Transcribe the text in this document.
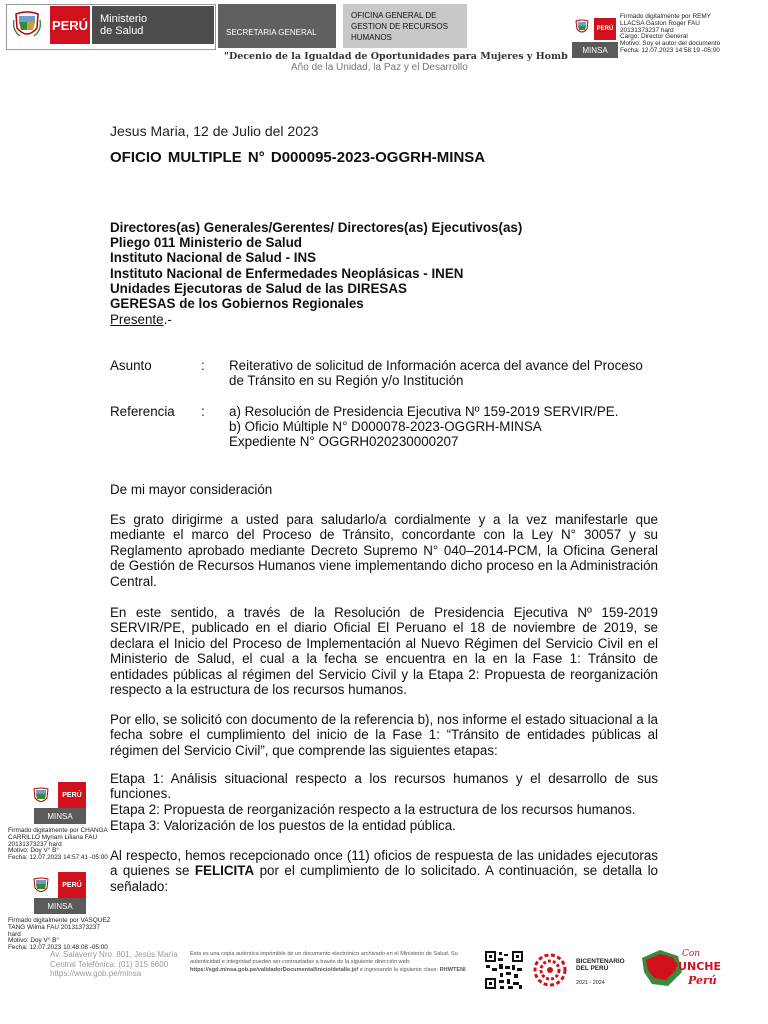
PERÚ Ministerio
de Salud	SECRETARIA GENERAL
OFICINA GENERAL DE
GESTION DE RECURSOS
HUMANOS
"Decenio de la Igualdad de Oportunidades para Mujeres y Homb
Año de la Unidad, la Paz y el Desarrollo
PERÚ
MINSA
Firmado digitalmente por REMY
LLACSA Gaston Roger FAU
20131373237 hard
Cargo: Director General
Motivo: Soy el autor del documento
Fecha: 12.07.2023 14:58:19 -05:00
Jesus Maria, 12 de Julio del 2023
OFICIO MULTIPLE N° D000095-2023-OGGRH-MINSA
Directores(as) Generales/Gerentes/ Directores(as) Ejecutivos(as)
Pliego 011 Ministerio de Salud
Instituto Nacional de Salud - INS
Instituto Nacional de Enfermedades Neoplásicas - INEN
Unidades Ejecutoras de Salud de las DIRESAS
GERESAS de los Gobiernos Regionales
Presente.-
Asunto	: Reiterativo de solicitud de Información acerca del avance del Proceso
de Tránsito en su Región y/o Institución
Referencia : a) Resolución de Presidencia Ejecutiva Nº 159-2019 SERVIR/PE.
b) Oficio Múltiple N° D000078-2023-OGGRH-MINSA
Expediente N° OGGRH020230000207
De mi mayor consideración
Es grato dirigirme a usted para saludarlo/a cordialmente y a la vez manifestarle que mediante el marco del Proceso de Tránsito, concordante con la Ley N° 30057 y su Reglamento aprobado mediante Decreto Supremo N° 040–2014-PCM, la Oficina General de Gestión de Recursos Humanos viene implementando dicho proceso en la Administración Central.
En este sentido, a través de la Resolución de Presidencia Ejecutiva Nº 159-2019 SERVIR/PE, publicado en el diario Oficial El Peruano el 18 de noviembre de 2019, se declara el Inicio del Proceso de Implementación al Nuevo Régimen del Servicio Civil en el Ministerio de Salud, el cual a la fecha se encuentra en la en la Fase 1: Tránsito de entidades públicas al régimen del Servicio Civil y la Etapa 2: Propuesta de reorganización respecto a la estructura de los recursos humanos.
Por ello, se solicitó con documento de la referencia b), nos informe el estado situacional a la fecha sobre el cumplimiento del inicio de la Fase 1: “Tránsito de entidades públicas al régimen del Servicio Civil”, que comprende las siguientes etapas:
Etapa 1: Análisis situacional respecto a los recursos humanos y el desarrollo de sus funciones.
Etapa 2: Propuesta de reorganización respecto a la estructura de los recursos humanos.
Etapa 3: Valorización de los puestos de la entidad pública.
Al respecto, hemos recepcionado once (11) oficios de respuesta de las unidades ejecutoras a quienes se FELICITA por el cumplimiento de lo solicitado. A continuación, se detalla lo señalado:
PERÚ
MINSA
Firmado digitalmente por CHANGA
CARRILLO Myriam Liliana FAU
20131373237 hard
Motivo: Doy V° B°
Fecha: 12.07.2023 14:57:41 -05:00
PERÚ
MINSA
Firmado digitalmente por VASQUEZ
TANG Wilma FAU 20131373237
hard
Motivo: Doy V° B°
Fecha: 12.07.2023 10:48:08 -05:00
Av. Salaverry Nro. 801, Jesús María
Central Telefónica: (01) 315 6600
https://www.gob.pe/minsa
Esta es una copia auténtica imprimible de un documento electrónico archivado en el Ministerio de Salud. Su autenticidad e integridad pueden ser contrastadas a través de la siguiente dirección web: https://sgd.minsa.gob.pe/validadorDocumental/inicio/detalle.jsf e ingresando la siguiente clave: RHWTENI
BICENTENARIO
DEL PERÚ
2021 - 2024
Con
PUNCHE
Perú
